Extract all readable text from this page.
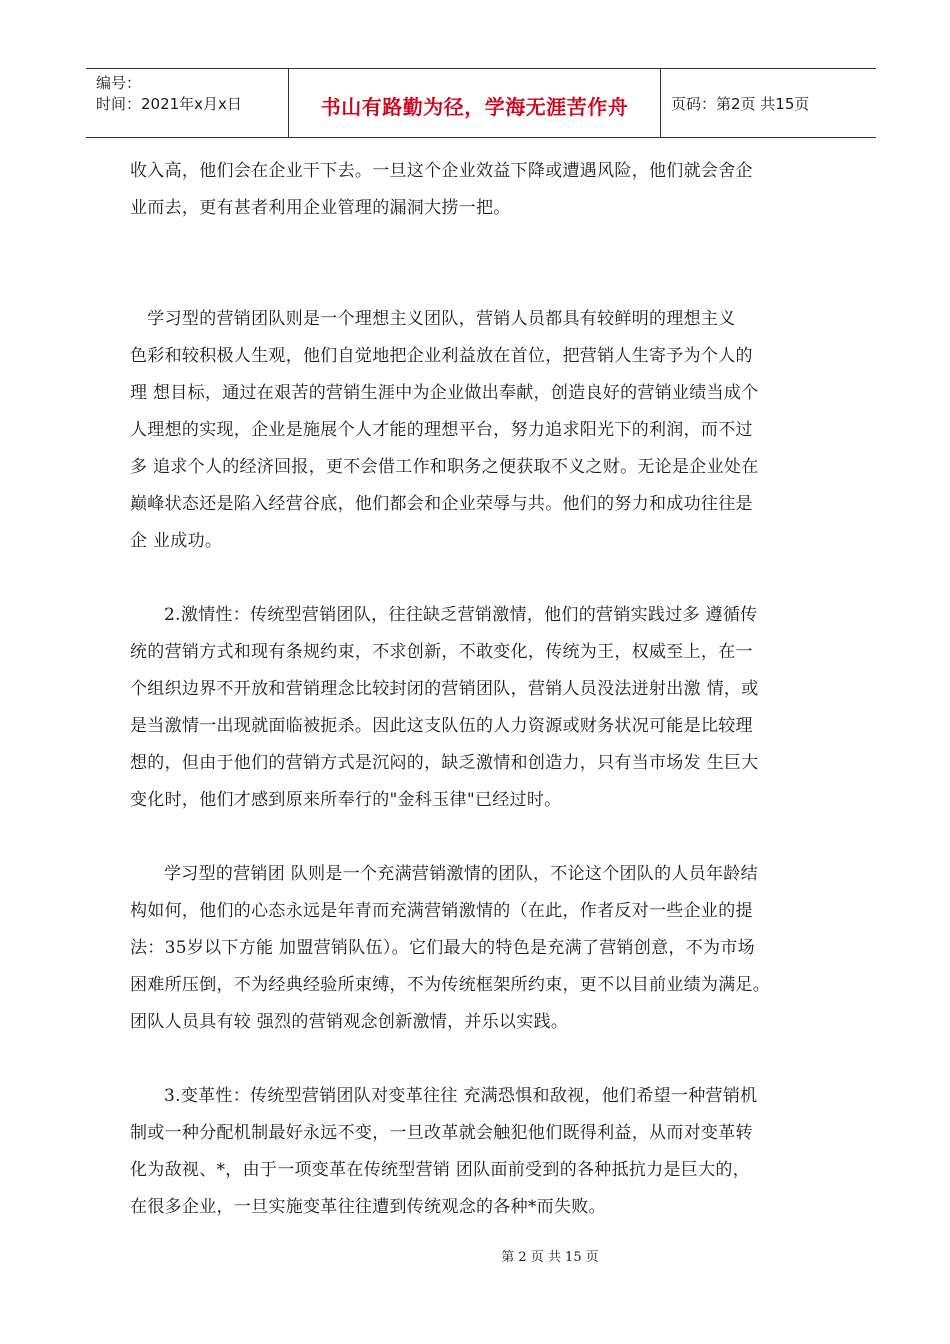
编号：
时间：2021年x月x日	书山有路勤为径，学海无涯苦作舟	页码：第2页 共15页

收入高，他们会在企业干下去。一旦这个企业效益下降或遭遇风险，他们就会舍企

业而去，更有甚者利用企业管理的漏洞大捞一把。

　学习型的营销团队则是一个理想主义团队，营销人员都具有较鲜明的理想主义

色彩和较积极人生观，他们自觉地把企业利益放在首位，把营销人生寄予为个人的

理 想目标，通过在艰苦的营销生涯中为企业做出奉献，创造良好的营销业绩当成个

人理想的实现，企业是施展个人才能的理想平台，努力追求阳光下的利润，而不过

多 追求个人的经济回报，更不会借工作和职务之便获取不义之财。无论是企业处在

巅峰状态还是陷入经营谷底，他们都会和企业荣辱与共。他们的努力和成功往往是

企 业成功。

2.激情性：传统型营销团队，往往缺乏营销激情，他们的营销实践过多 遵循传

统的营销方式和现有条规约束，不求创新，不敢变化，传统为王，权威至上，在一

个组织边界不开放和营销理念比较封闭的营销团队，营销人员没法迸射出激 情，或

是当激情一出现就面临被扼杀。因此这支队伍的人力资源或财务状况可能是比较理

想的，但由于他们的营销方式是沉闷的，缺乏激情和创造力，只有当市场发 生巨大

变化时，他们才感到原来所奉行的"金科玉律"已经过时。

学习型的营销团 队则是一个充满营销激情的团队，不论这个团队的人员年龄结

构如何，他们的心态永远是年青而充满营销激情的（在此，作者反对一些企业的提

法：35岁以下方能 加盟营销队伍）。它们最大的特色是充满了营销创意，不为市场

困难所压倒，不为经典经验所束缚，不为传统框架所约束，更不以目前业绩为满足。

团队人员具有较 强烈的营销观念创新激情，并乐以实践。

3.变革性：传统型营销团队对变革往往 充满恐惧和敌视，他们希望一种营销机

制或一种分配机制最好永远不变，一旦改革就会触犯他们既得利益，从而对变革转

化为敌视、*，由于一项变革在传统型营销 团队面前受到的各种抵抗力是巨大的，

在很多企业，一旦实施变革往往遭到传统观念的各种*而失败。

第 2 页 共 15 页
